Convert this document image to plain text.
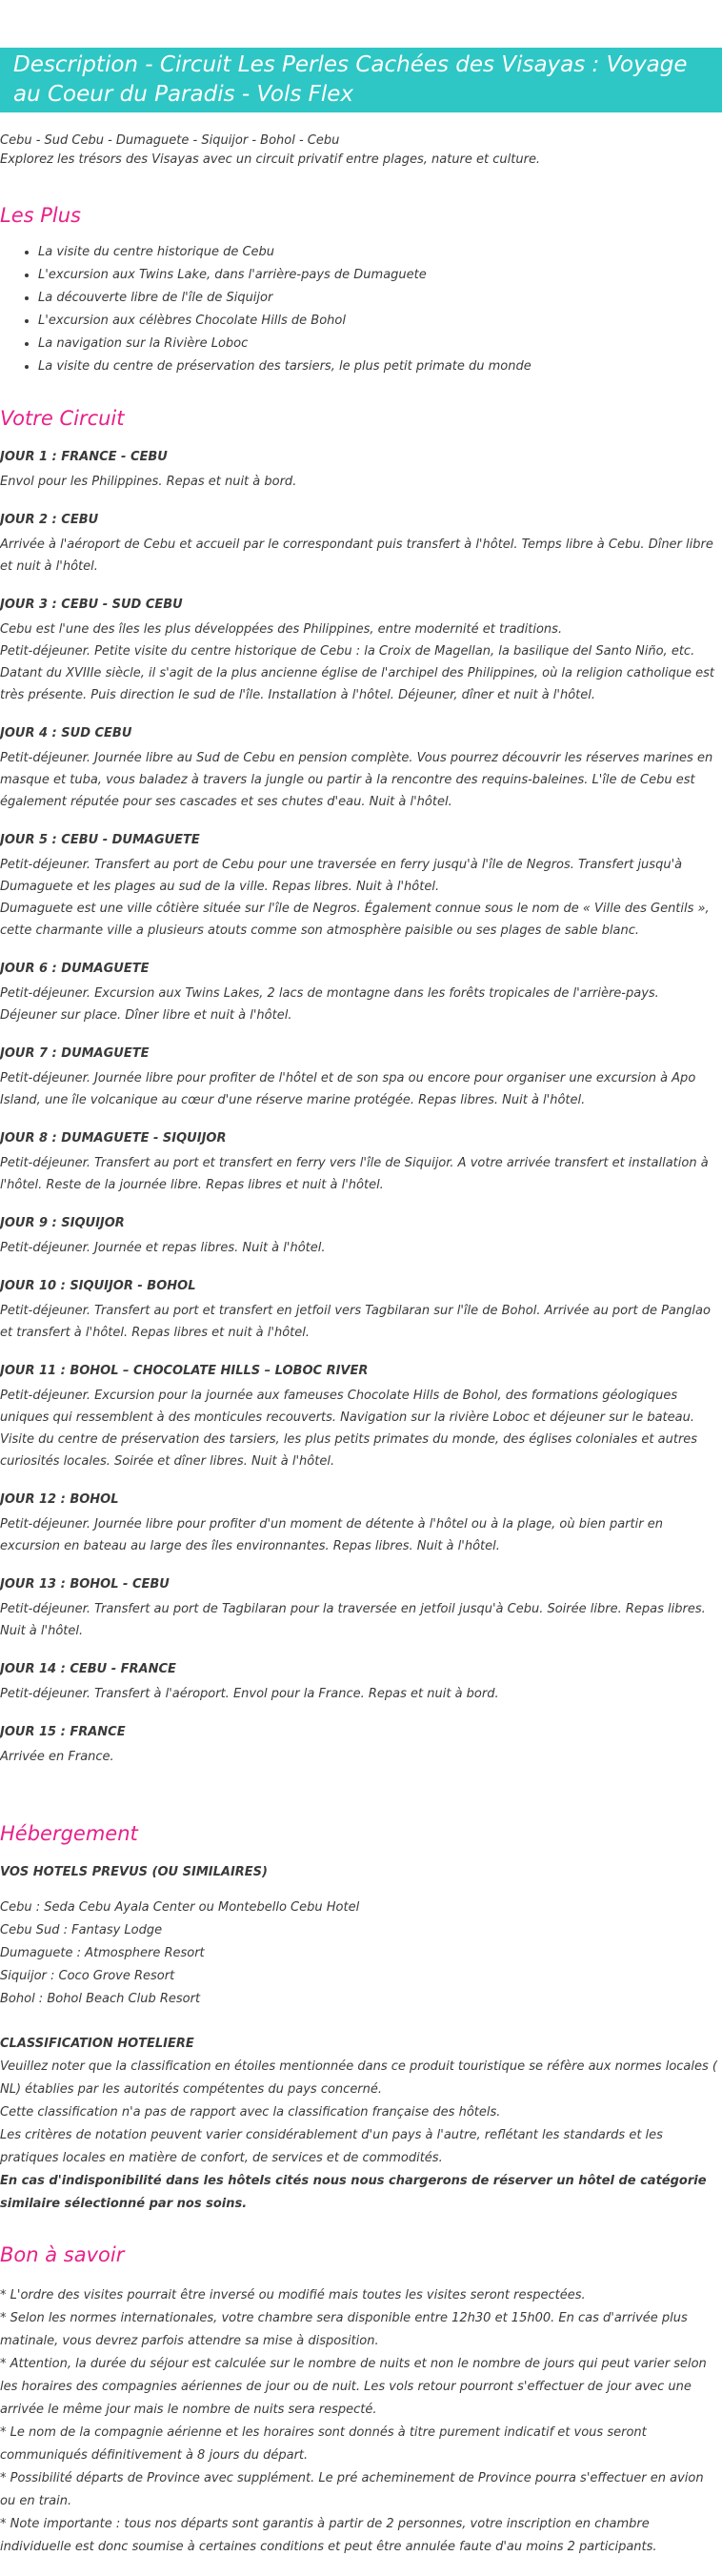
Description - Circuit Les Perles Cachées des Visayas : Voyage au Coeur du Paradis - Vols Flex

Cebu - Sud Cebu - Dumaguete - Siquijor - Bohol - Cebu

Explorez les trésors des Visayas avec un circuit privatif entre plages, nature et culture.

Les Plus
• La visite du centre historique de Cebu
• L'excursion aux Twins Lake, dans l'arrière-pays de Dumaguete
• La découverte libre de l'île de Siquijor
• L'excursion aux célèbres Chocolate Hills de Bohol
• La navigation sur la Rivière Loboc
• La visite du centre de préservation des tarsiers, le plus petit primate du monde
Votre Circuit

JOUR 1 : FRANCE - CEBU

Envol pour les Philippines. Repas et nuit à bord.

JOUR 2 : CEBU

Arrivée à l'aéroport de Cebu et accueil par le correspondant puis transfert à l'hôtel. Temps libre à Cebu. Dîner libre et nuit à l'hôtel.

JOUR 3 : CEBU - SUD CEBU

Cebu est l'une des îles les plus développées des Philippines, entre modernité et traditions.
Petit-déjeuner. Petite visite du centre historique de Cebu : la Croix de Magellan, la basilique del Santo Niño, etc. Datant du XVIIIe siècle, il s'agit de la plus ancienne église de l'archipel des Philippines, où la religion catholique est très présente. Puis direction le sud de l'île. Installation à l'hôtel. Déjeuner, dîner et nuit à l'hôtel.

JOUR 4 : SUD CEBU

Petit-déjeuner. Journée libre au Sud de Cebu en pension complète. Vous pourrez découvrir les réserves marines en masque et tuba, vous baladez à travers la jungle ou partir à la rencontre des requins-baleines. L'île de Cebu est également réputée pour ses cascades et ses chutes d'eau. Nuit à l'hôtel.

JOUR 5 : CEBU - DUMAGUETE

Petit-déjeuner. Transfert au port de Cebu pour une traversée en ferry jusqu'à l'île de Negros. Transfert jusqu'à Dumaguete et les plages au sud de la ville. Repas libres. Nuit à l'hôtel.
Dumaguete est une ville côtière située sur l'île de Negros. Également connue sous le nom de « Ville des Gentils », cette charmante ville a plusieurs atouts comme son atmosphère paisible ou ses plages de sable blanc.

JOUR 6 : DUMAGUETE

Petit-déjeuner. Excursion aux Twins Lakes, 2 lacs de montagne dans les forêts tropicales de l'arrière-pays. Déjeuner sur place. Dîner libre et nuit à l'hôtel.

JOUR 7 : DUMAGUETE

Petit-déjeuner. Journée libre pour profiter de l'hôtel et de son spa ou encore pour organiser une excursion à Apo Island, une île volcanique au cœur d'une réserve marine protégée. Repas libres. Nuit à l'hôtel.

JOUR 8 : DUMAGUETE - SIQUIJOR

Petit-déjeuner. Transfert au port et transfert en ferry vers l'île de Siquijor. A votre arrivée transfert et installation à l'hôtel. Reste de la journée libre. Repas libres et nuit à l'hôtel.

JOUR 9 : SIQUIJOR

Petit-déjeuner. Journée et repas libres. Nuit à l'hôtel.

JOUR 10 : SIQUIJOR - BOHOL

Petit-déjeuner. Transfert au port et transfert en jetfoil vers Tagbilaran sur l'île de Bohol. Arrivée au port de Panglao et transfert à l'hôtel. Repas libres et nuit à l'hôtel.

JOUR 11 : BOHOL – CHOCOLATE HILLS – LOBOC RIVER

Petit-déjeuner. Excursion pour la journée aux fameuses Chocolate Hills de Bohol, des formations géologiques uniques qui ressemblent à des monticules recouverts. Navigation sur la rivière Loboc et déjeuner sur le bateau. Visite du centre de préservation des tarsiers, les plus petits primates du monde, des églises coloniales et autres curiosités locales. Soirée et dîner libres. Nuit à l'hôtel.

JOUR 12 : BOHOL

Petit-déjeuner. Journée libre pour profiter d'un moment de détente à l'hôtel ou à la plage, où bien partir en excursion en bateau au large des îles environnantes. Repas libres. Nuit à l'hôtel.

JOUR 13 : BOHOL - CEBU

Petit-déjeuner. Transfert au port de Tagbilaran pour la traversée en jetfoil jusqu'à Cebu. Soirée libre. Repas libres. Nuit à l'hôtel.

JOUR 14 : CEBU - FRANCE

Petit-déjeuner. Transfert à l'aéroport. Envol pour la France. Repas et nuit à bord.

JOUR 15 : FRANCE

Arrivée en France.

Hébergement

VOS HOTELS PREVUS (OU SIMILAIRES)

Cebu : Seda Cebu Ayala Center ou Montebello Cebu Hotel

Cebu Sud : Fantasy Lodge

Dumaguete : Atmosphere Resort

Siquijor : Coco Grove Resort

Bohol : Bohol Beach Club Resort

CLASSIFICATION HOTELIERE

Veuillez noter que la classification en étoiles mentionnée dans ce produit touristique se réfère aux normes locales ( NL) établies par les autorités compétentes du pays concerné.

Cette classification n'a pas de rapport avec la classification française des hôtels.

Les critères de notation peuvent varier considérablement d'un pays à l'autre, reflétant les standards et les pratiques locales en matière de confort, de services et de commodités.

En cas d'indisponibilité dans les hôtels cités nous nous chargerons de réserver un hôtel de catégorie similaire sélectionné par nos soins.

Bon à savoir

* L'ordre des visites pourrait être inversé ou modifié mais toutes les visites seront respectées.

* Selon les normes internationales, votre chambre sera disponible entre 12h30 et 15h00. En cas d'arrivée plus matinale, vous devrez parfois attendre sa mise à disposition.

* Attention, la durée du séjour est calculée sur le nombre de nuits et non le nombre de jours qui peut varier selon les horaires des compagnies aériennes de jour ou de nuit. Les vols retour pourront s'effectuer de jour avec une arrivée le même jour mais le nombre de nuits sera respecté.

* Le nom de la compagnie aérienne et les horaires sont donnés à titre purement indicatif et vous seront communiqués définitivement à 8 jours du départ.

* Possibilité départs de Province avec supplément. Le pré acheminement de Province pourra s'effectuer en avion ou en train.

* Note importante : tous nos départs sont garantis à partir de 2 personnes, votre inscription en chambre individuelle est donc soumise à certaines conditions et peut être annulée faute d'au moins 2 participants.
